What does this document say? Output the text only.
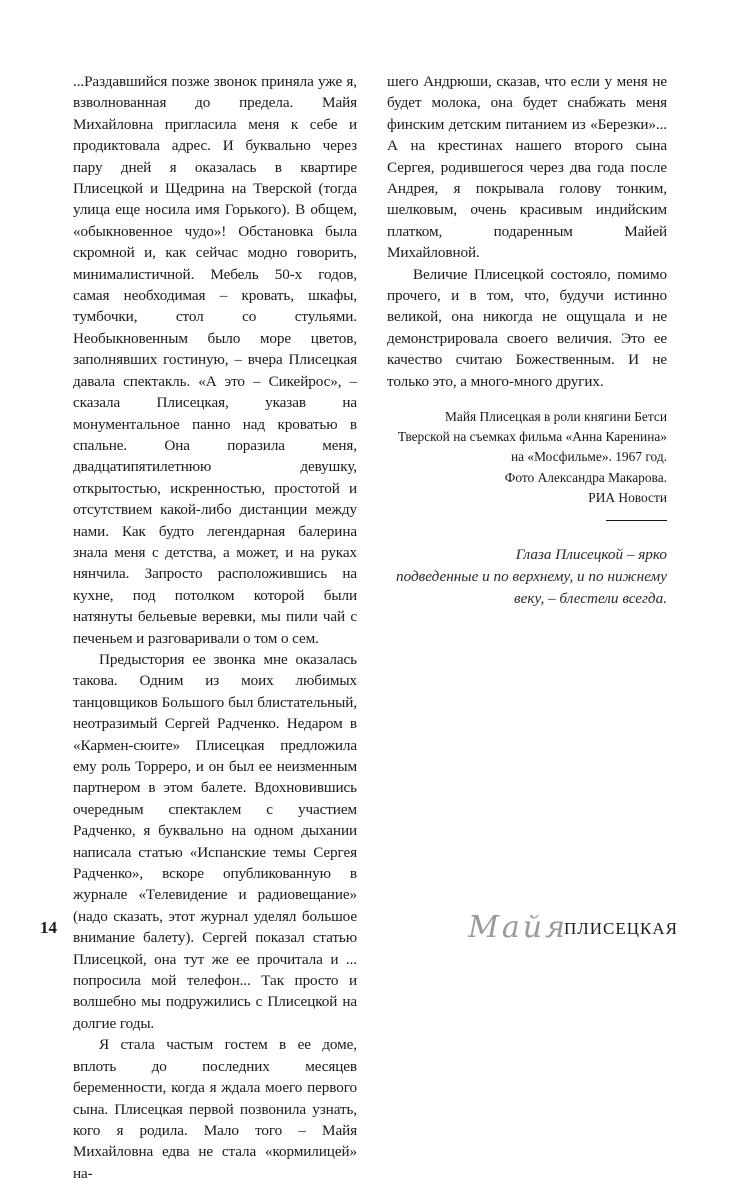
...Раздавшийся позже звонок приняла уже я, взволнованная до предела. Майя Михайловна пригласила меня к себе и продиктовала адрес. И буквально через пару дней я оказалась в квартире Плисецкой и Щедрина на Тверской (тогда улица еще носила имя Горького). В общем, «обыкновенное чудо»! Обстановка была скромной и, как сейчас модно говорить, минималистичной. Мебель 50-х годов, самая необходимая – кровать, шкафы, тумбочки, стол со стульями. Необыкновенным было море цветов, заполнявших гостиную, – вчера Плисецкая давала спектакль. «А это – Сикейрос», – сказала Плисецкая, указав на монументальное панно над кроватью в спальне. Она поразила меня, двадцатипятилетнюю девушку, открытостью, искренностью, простотой и отсутствием какой-либо дистанции между нами. Как будто легендарная балерина знала меня с детства, а может, и на руках нянчила. Запросто расположившись на кухне, под потолком которой были натянуты бельевые веревки, мы пили чай с печеньем и разговаривали о том о сем.

Предыстория ее звонка мне оказалась такова. Одним из моих любимых танцовщиков Большого был блистательный, неотразимый Сергей Радченко. Недаром в «Кармен-сюите» Плисецкая предложила ему роль Торреро, и он был ее неизменным партнером в этом балете. Вдохновившись очередным спектаклем с участием Радченко, я буквально на одном дыхании написала статью «Испанские темы Сергея Радченко», вскоре опубликованную в журнале «Телевидение и радиовещание» (надо сказать, этот журнал уделял большое внимание балету). Сергей показал статью Плисецкой, она тут же ее прочитала и ... попросила мой телефон... Так просто и волшебно мы подружились с Плисецкой на долгие годы.

Я стала частым гостем в ее доме, вплоть до последних месяцев беременности, когда я ждала моего первого сына. Плисецкая первой позвонила узнать, кого я родила. Мало того – Майя Михайловна едва не стала «кормилицей» на-

шего Андрюши, сказав, что если у меня не будет молока, она будет снабжать меня финским детским питанием из «Березки»... А на крестинах нашего второго сына Сергея, родившегося через два года после Андрея, я покрывала голову тонким, шелковым, очень красивым индийским платком, подаренным Майей Михайловной.

Величие Плисецкой состояло, помимо прочего, и в том, что, будучи истинно великой, она никогда не ощущала и не демонстрировала своего величия. Это ее качество считаю Божественным. И не только это, а много-много других.

Майя Плисецкая в роли княгини Бетси
Тверской на съемках фильма «Анна Каренина»
на «Мосфильме». 1967 год.
Фото Александра Макарова.
РИА Новости
Глаза Плисецкой – ярко
подведенные и по верхнему, и по нижнему
веку, – блестели всегда.
14	Майя
ПЛИСЕЦКАЯ
